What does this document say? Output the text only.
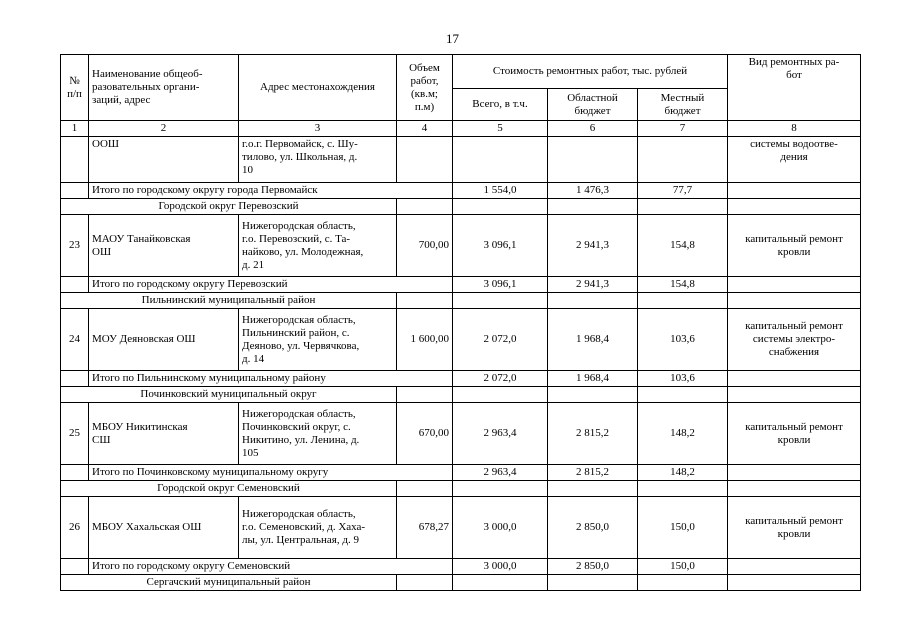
17
№
п/п	Наименование общеоб-
разовательных органи-
заций, адрес	Адрес местонахождения	Объем
работ,
(кв.м;
п.м)	Стоимость ремонтных работ, тыс. рублей			Вид ремонтных ра-
бот
				Всего, в т.ч.	Областной
бюджет	Местный
бюджет	
1	2	3	4	5	6	7	8
	ООШ	г.о.г. Первомайск, с. Шу-
тилово, ул. Школьная, д.
10					системы водоотве-
дения
	Итого по городскому округу города Первомайск			1 554,0	1 476,3	77,7	
Городской округ Перевозский							
23	МАОУ Танайковская
ОШ	Нижегородская область,
г.о. Перевозский, с. Та-
найково, ул. Молодежная,
д. 21	700,00	3 096,1	2 941,3	154,8	капитальный ремонт
кровли
	Итого по городскому округу Перевозский			3 096,1	2 941,3	154,8	
Пильнинский муниципальный район							
24	МОУ Деяновская ОШ	Нижегородская область,
Пильнинский район, с.
Деяново, ул. Червячкова,
д. 14	1 600,00	2 072,0	1 968,4	103,6	капитальный ремонт
системы электро-
снабжения
	Итого по Пильнинскому муниципальному району			2 072,0	1 968,4	103,6	
Починковский муниципальный округ							
25	МБОУ Никитинская
СШ	Нижегородская область,
Починковский округ, с.
Никитино, ул. Ленина, д.
105	670,00	2 963,4	2 815,2	148,2	капитальный ремонт
кровли
	Итого по Починковскому муниципальному округу			2 963,4	2 815,2	148,2	
Городской округ Семеновский							
26	МБОУ Хахальская ОШ	Нижегородская область,
г.о. Семеновский, д. Хаха-
лы, ул. Центральная, д. 9	678,27	3 000,0	2 850,0	150,0	капитальный ремонт
кровли
	Итого по городскому округу Семеновский			3 000,0	2 850,0	150,0	
Сергачский муниципальный район							
